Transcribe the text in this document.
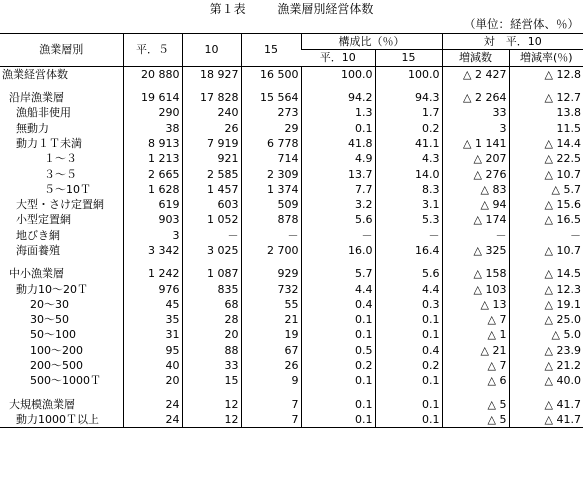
第１表	漁業層別経営体数
（単位：経営体、％）
漁業層別	平．５	10	15	構成比（％）		対　平．10	
				平．10	15	増減数	増減率(％)
漁業経営体数	20 880	18 927	16 500	100.0	100.0	△ 2 427	△ 12.8

沿岸漁業層	19 614	17 828	15 564	94.2	94.3	△ 2 264	△ 12.7
漁船非使用	290	240	273	1.3	1.7	33	13.8
無動力	38	26	29	0.1	0.2	3	11.5
動力１Ｔ未満	8 913	7 919	6 778	41.8	41.1	△ 1 141	△ 14.4
１～３	1 213	921	714	4.9	4.3	△ 207	△ 22.5
３～５	2 665	2 585	2 309	13.7	14.0	△ 276	△ 10.7
５～10Ｔ	1 628	1 457	1 374	7.7	8.3	△ 83	△ 5.7
大型・さけ定置網	619	603	509	3.2	3.1	△ 94	△ 15.6
小型定置網	903	1 052	878	5.6	5.3	△ 174	△ 16.5
地びき網	3	－	－	－	－	－	－
海面養殖	3 342	3 025	2 700	16.0	16.4	△ 325	△ 10.7

中小漁業層	1 242	1 087	929	5.7	5.6	△ 158	△ 14.5
動力10～20Ｔ	976	835	732	4.4	4.4	△ 103	△ 12.3
20～30	45	68	55	0.4	0.3	△ 13	△ 19.1
30～50	35	28	21	0.1	0.1	△ 7	△ 25.0
50～100	31	20	19	0.1	0.1	△ 1	△ 5.0
100～200	95	88	67	0.5	0.4	△ 21	△ 23.9
200～500	40	33	26	0.2	0.2	△ 7	△ 21.2
500～1000Ｔ	20	15	9	0.1	0.1	△ 6	△ 40.0

大規模漁業層	24	12	7	0.1	0.1	△ 5	△ 41.7
動力1000Ｔ以上	24	12	7	0.1	0.1	△ 5	△ 41.7
